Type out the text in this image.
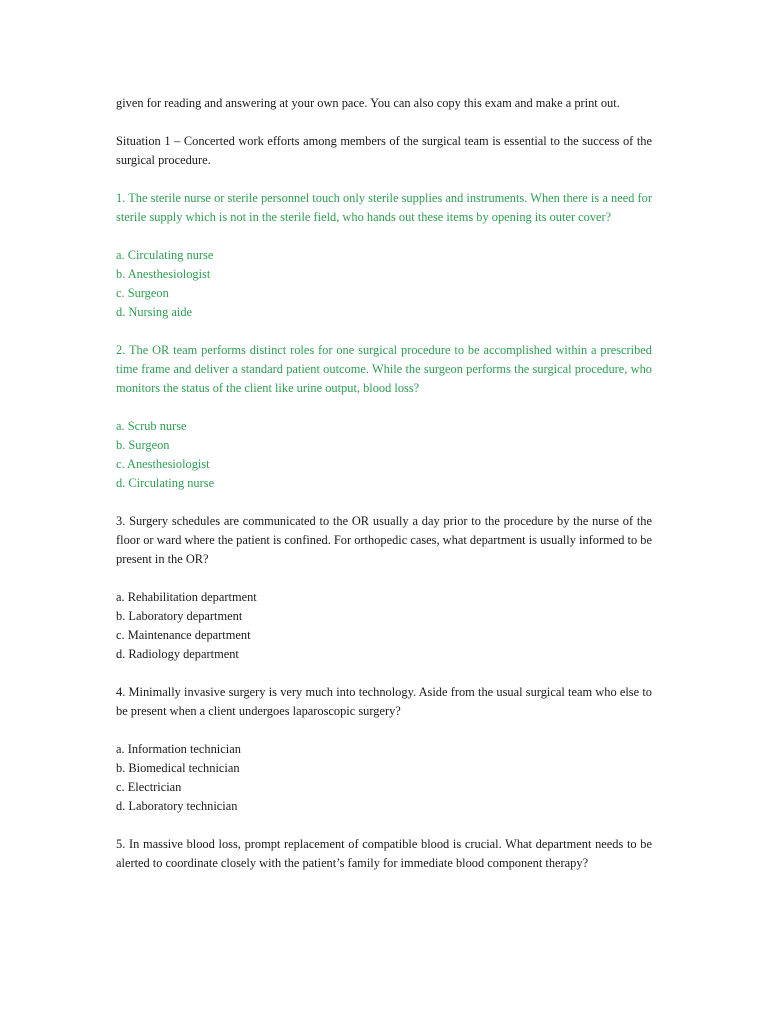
given for reading and answering at your own pace. You can also copy this exam and make a print out.

Situation 1 – Concerted work efforts among members of the surgical team is essential to the success of the surgical procedure.

1. The sterile nurse or sterile personnel touch only sterile supplies and instruments. When there is a need for sterile supply which is not in the sterile field, who hands out these items by opening its outer cover?

a. Circulating nurse
b. Anesthesiologist
c. Surgeon
d. Nursing aide

2. The OR team performs distinct roles for one surgical procedure to be accomplished within a prescribed time frame and deliver a standard patient outcome. While the surgeon performs the surgical procedure, who monitors the status of the client like urine output, blood loss?

a. Scrub nurse
b. Surgeon
c. Anesthesiologist
d. Circulating nurse

3. Surgery schedules are communicated to the OR usually a day prior to the procedure by the nurse of the floor or ward where the patient is confined. For orthopedic cases, what department is usually informed to be present in the OR?

a. Rehabilitation department
b. Laboratory department
c. Maintenance department
d. Radiology department

4. Minimally invasive surgery is very much into technology. Aside from the usual surgical team who else to be present when a client undergoes laparoscopic surgery?

a. Information technician
b. Biomedical technician
c. Electrician
d. Laboratory technician

5. In massive blood loss, prompt replacement of compatible blood is crucial. What department needs to be alerted to coordinate closely with the patient’s family for immediate blood component therapy?
